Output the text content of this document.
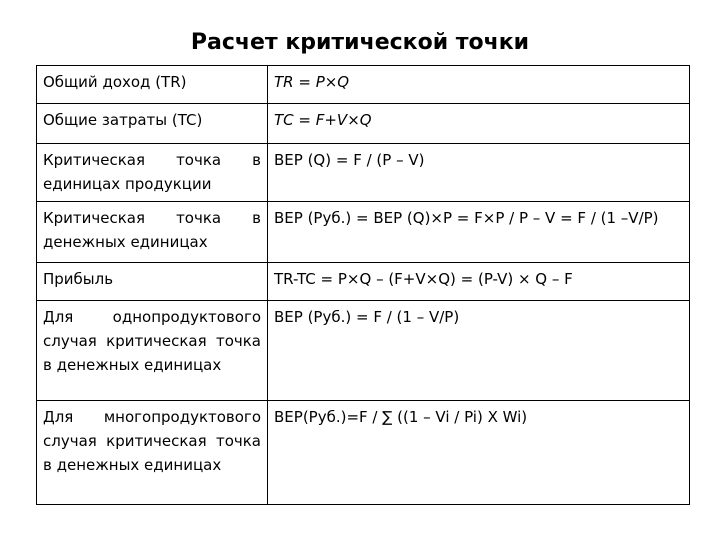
Расчет критической точки
Общий доход (TR)	TR = P×Q

Общие затраты (TC)	TC = F+V×Q

Критическая точка в единицах продукции	BEP (Q) = F / (P – V)

Критическая точка в денежных единицах	BEP (Руб.) = BEP (Q)×P = F×P / P – V = F / (1 –V/P)

Прибыль	TR-TC = P×Q – (F+V×Q) = (P-V) × Q – F

Для однопродуктового случая критическая точка в денежных единицах	BEP (Руб.) = F / (1 – V/P)

Для многопродуктового случая критическая точка в денежных единицах	BEP(Руб.)=F / ∑ ((1 – Vi / Pi) X Wi)
